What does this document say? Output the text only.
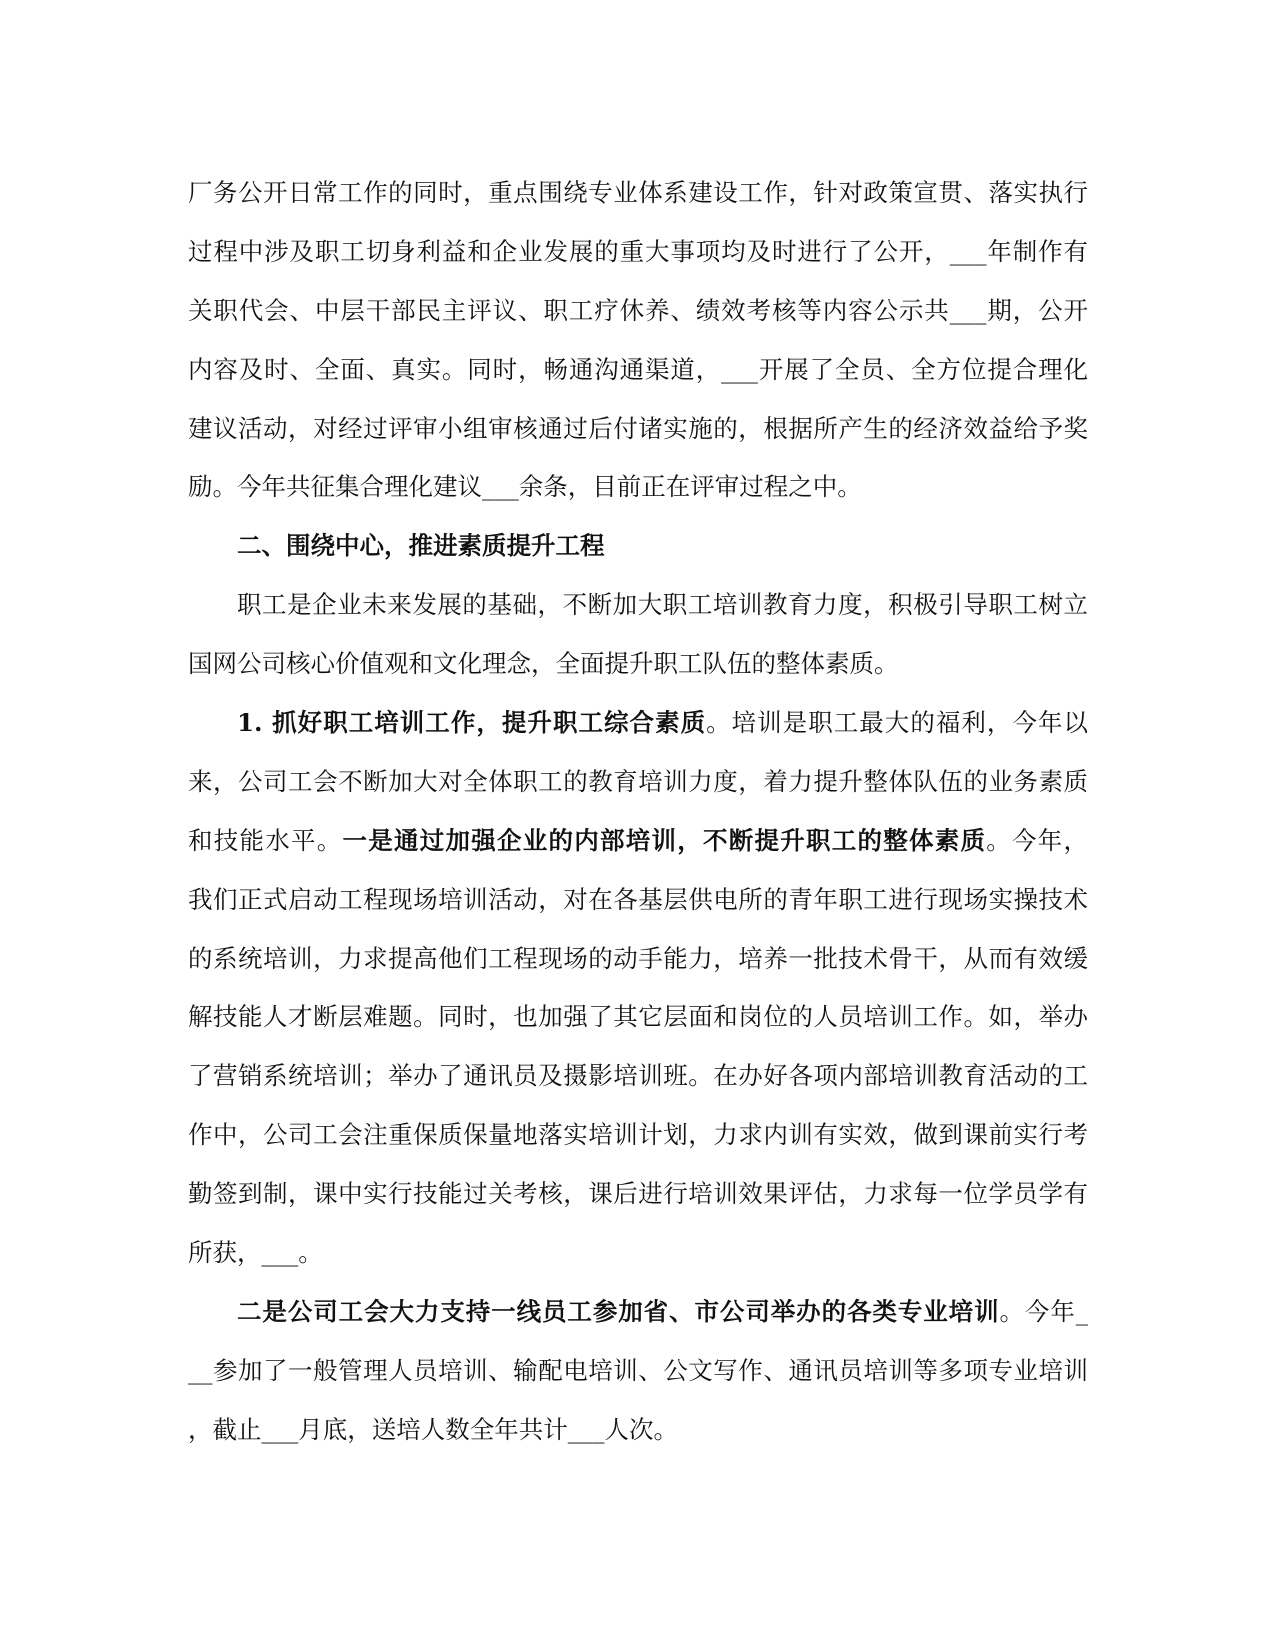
厂务公开日常工作的同时，重点围绕专业体系建设工作，针对政策宣贯、落实执行
过程中涉及职工切身利益和企业发展的重大事项均及时进行了公开，___年制作有
关职代会、中层干部民主评议、职工疗休养、绩效考核等内容公示共___期，公开
内容及时、全面、真实。同时，畅通沟通渠道，___开展了全员、全方位提合理化
建议活动，对经过评审小组审核通过后付诸实施的，根据所产生的经济效益给予奖
励。今年共征集合理化建议___余条，目前正在评审过程之中。
二、围绕中心，推进素质提升工程
职工是企业未来发展的基础，不断加大职工培训教育力度，积极引导职工树立
国网公司核心价值观和文化理念，全面提升职工队伍的整体素质。
1. 抓好职工培训工作，提升职工综合素质。培训是职工最大的福利，今年以
来，公司工会不断加大对全体职工的教育培训力度，着力提升整体队伍的业务素质
和技能水平。一是通过加强企业的内部培训，不断提升职工的整体素质。今年，
我们正式启动工程现场培训活动，对在各基层供电所的青年职工进行现场实操技术
的系统培训，力求提高他们工程现场的动手能力，培养一批技术骨干，从而有效缓
解技能人才断层难题。同时，也加强了其它层面和岗位的人员培训工作。如，举办
了营销系统培训；举办了通讯员及摄影培训班。在办好各项内部培训教育活动的工
作中，公司工会注重保质保量地落实培训计划，力求内训有实效，做到课前实行考
勤签到制，课中实行技能过关考核，课后进行培训效果评估，力求每一位学员学有
所获，___。
二是公司工会大力支持一线员工参加省、市公司举办的各类专业培训。今年_
__参加了一般管理人员培训、输配电培训、公文写作、通讯员培训等多项专业培训
，截止___月底，送培人数全年共计___人次。
